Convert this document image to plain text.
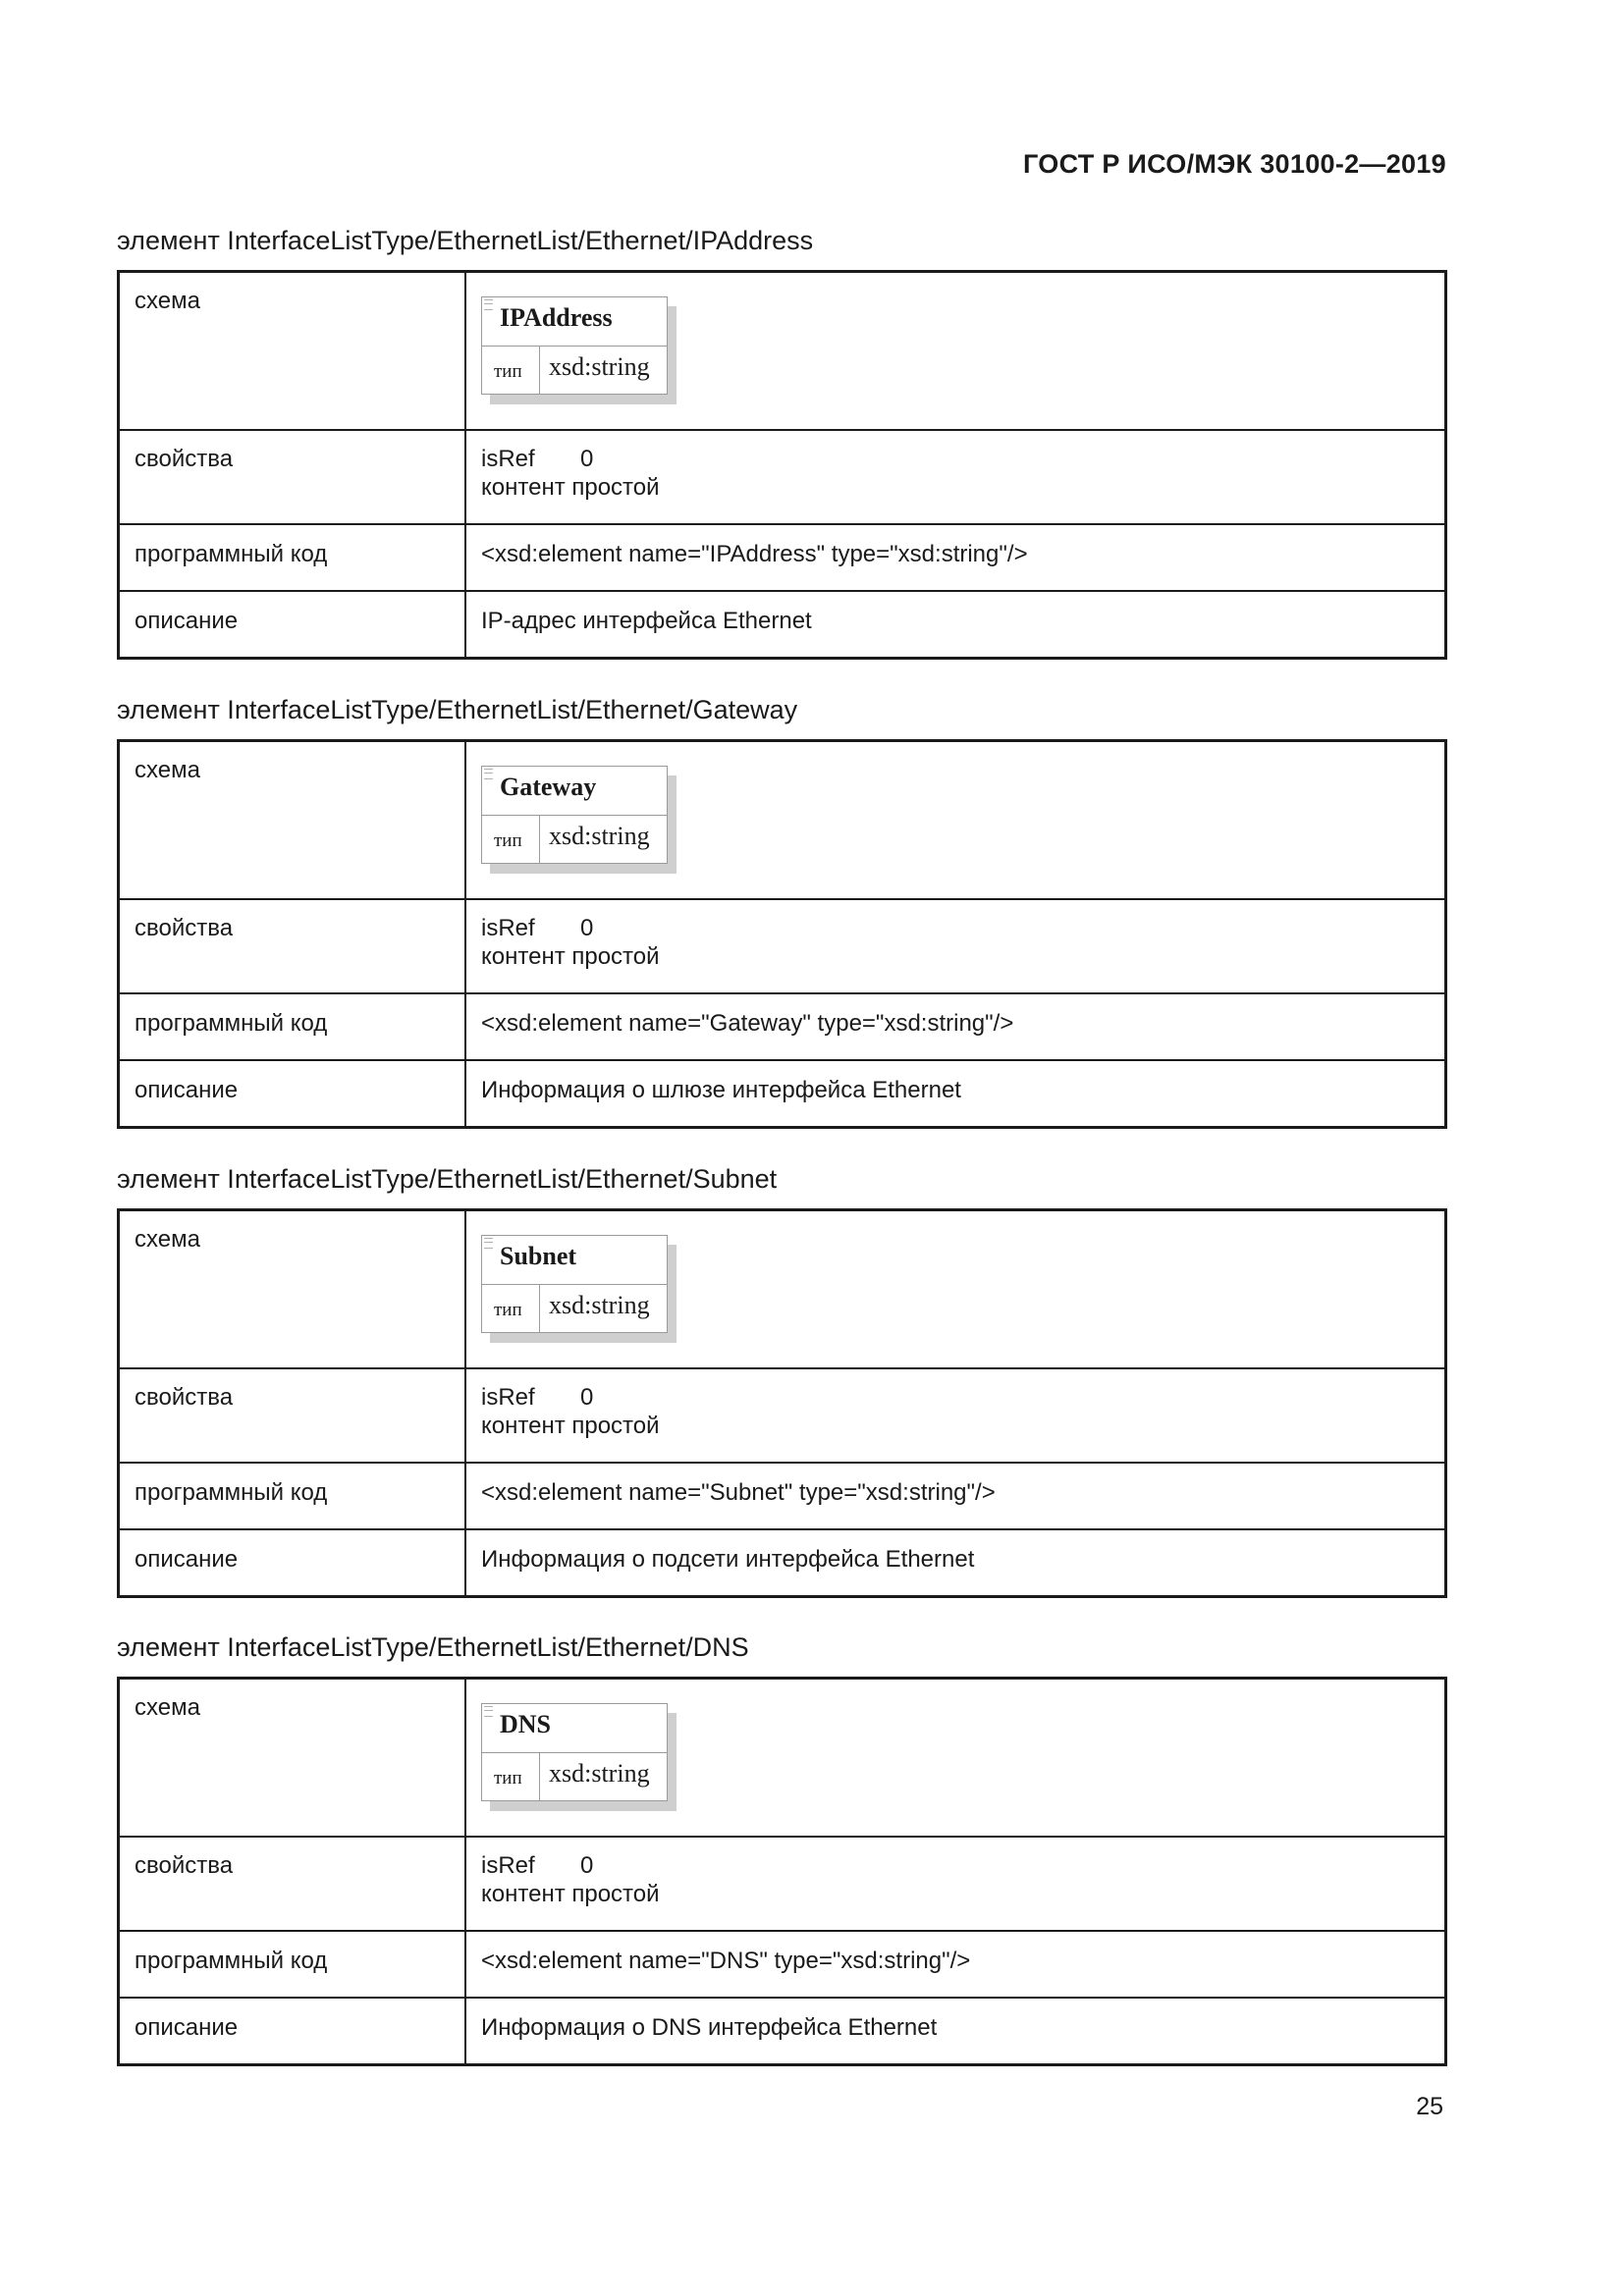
ГОСТ Р ИСО/МЭК 30100-2—2019
элемент InterfaceListType/EthernetList/Ethernet/IPAddress
схема	IPAddress
тип xsd:string

свойства	isRef 0
контент простой

программный код	<xsd:element name="IPAddress" type="xsd:string"/>
описание	IP-адрес интерфейса Ethernet
элемент InterfaceListType/EthernetList/Ethernet/Gateway
схема	Gateway
тип xsd:string

свойства	isRef 0
контент простой

программный код	<xsd:element name="Gateway" type="xsd:string"/>
описание	Информация о шлюзе интерфейса Ethernet
элемент InterfaceListType/EthernetList/Ethernet/Subnet
схема	Subnet
тип xsd:string

свойства	isRef 0
контент простой

программный код	<xsd:element name="Subnet" type="xsd:string"/>
описание	Информация о подсети интерфейса Ethernet
элемент InterfaceListType/EthernetList/Ethernet/DNS
схема	DNS
тип xsd:string

свойства	isRef 0
контент простой

программный код	<xsd:element name="DNS" type="xsd:string"/>
описание	Информация о DNS интерфейса Ethernet
25
